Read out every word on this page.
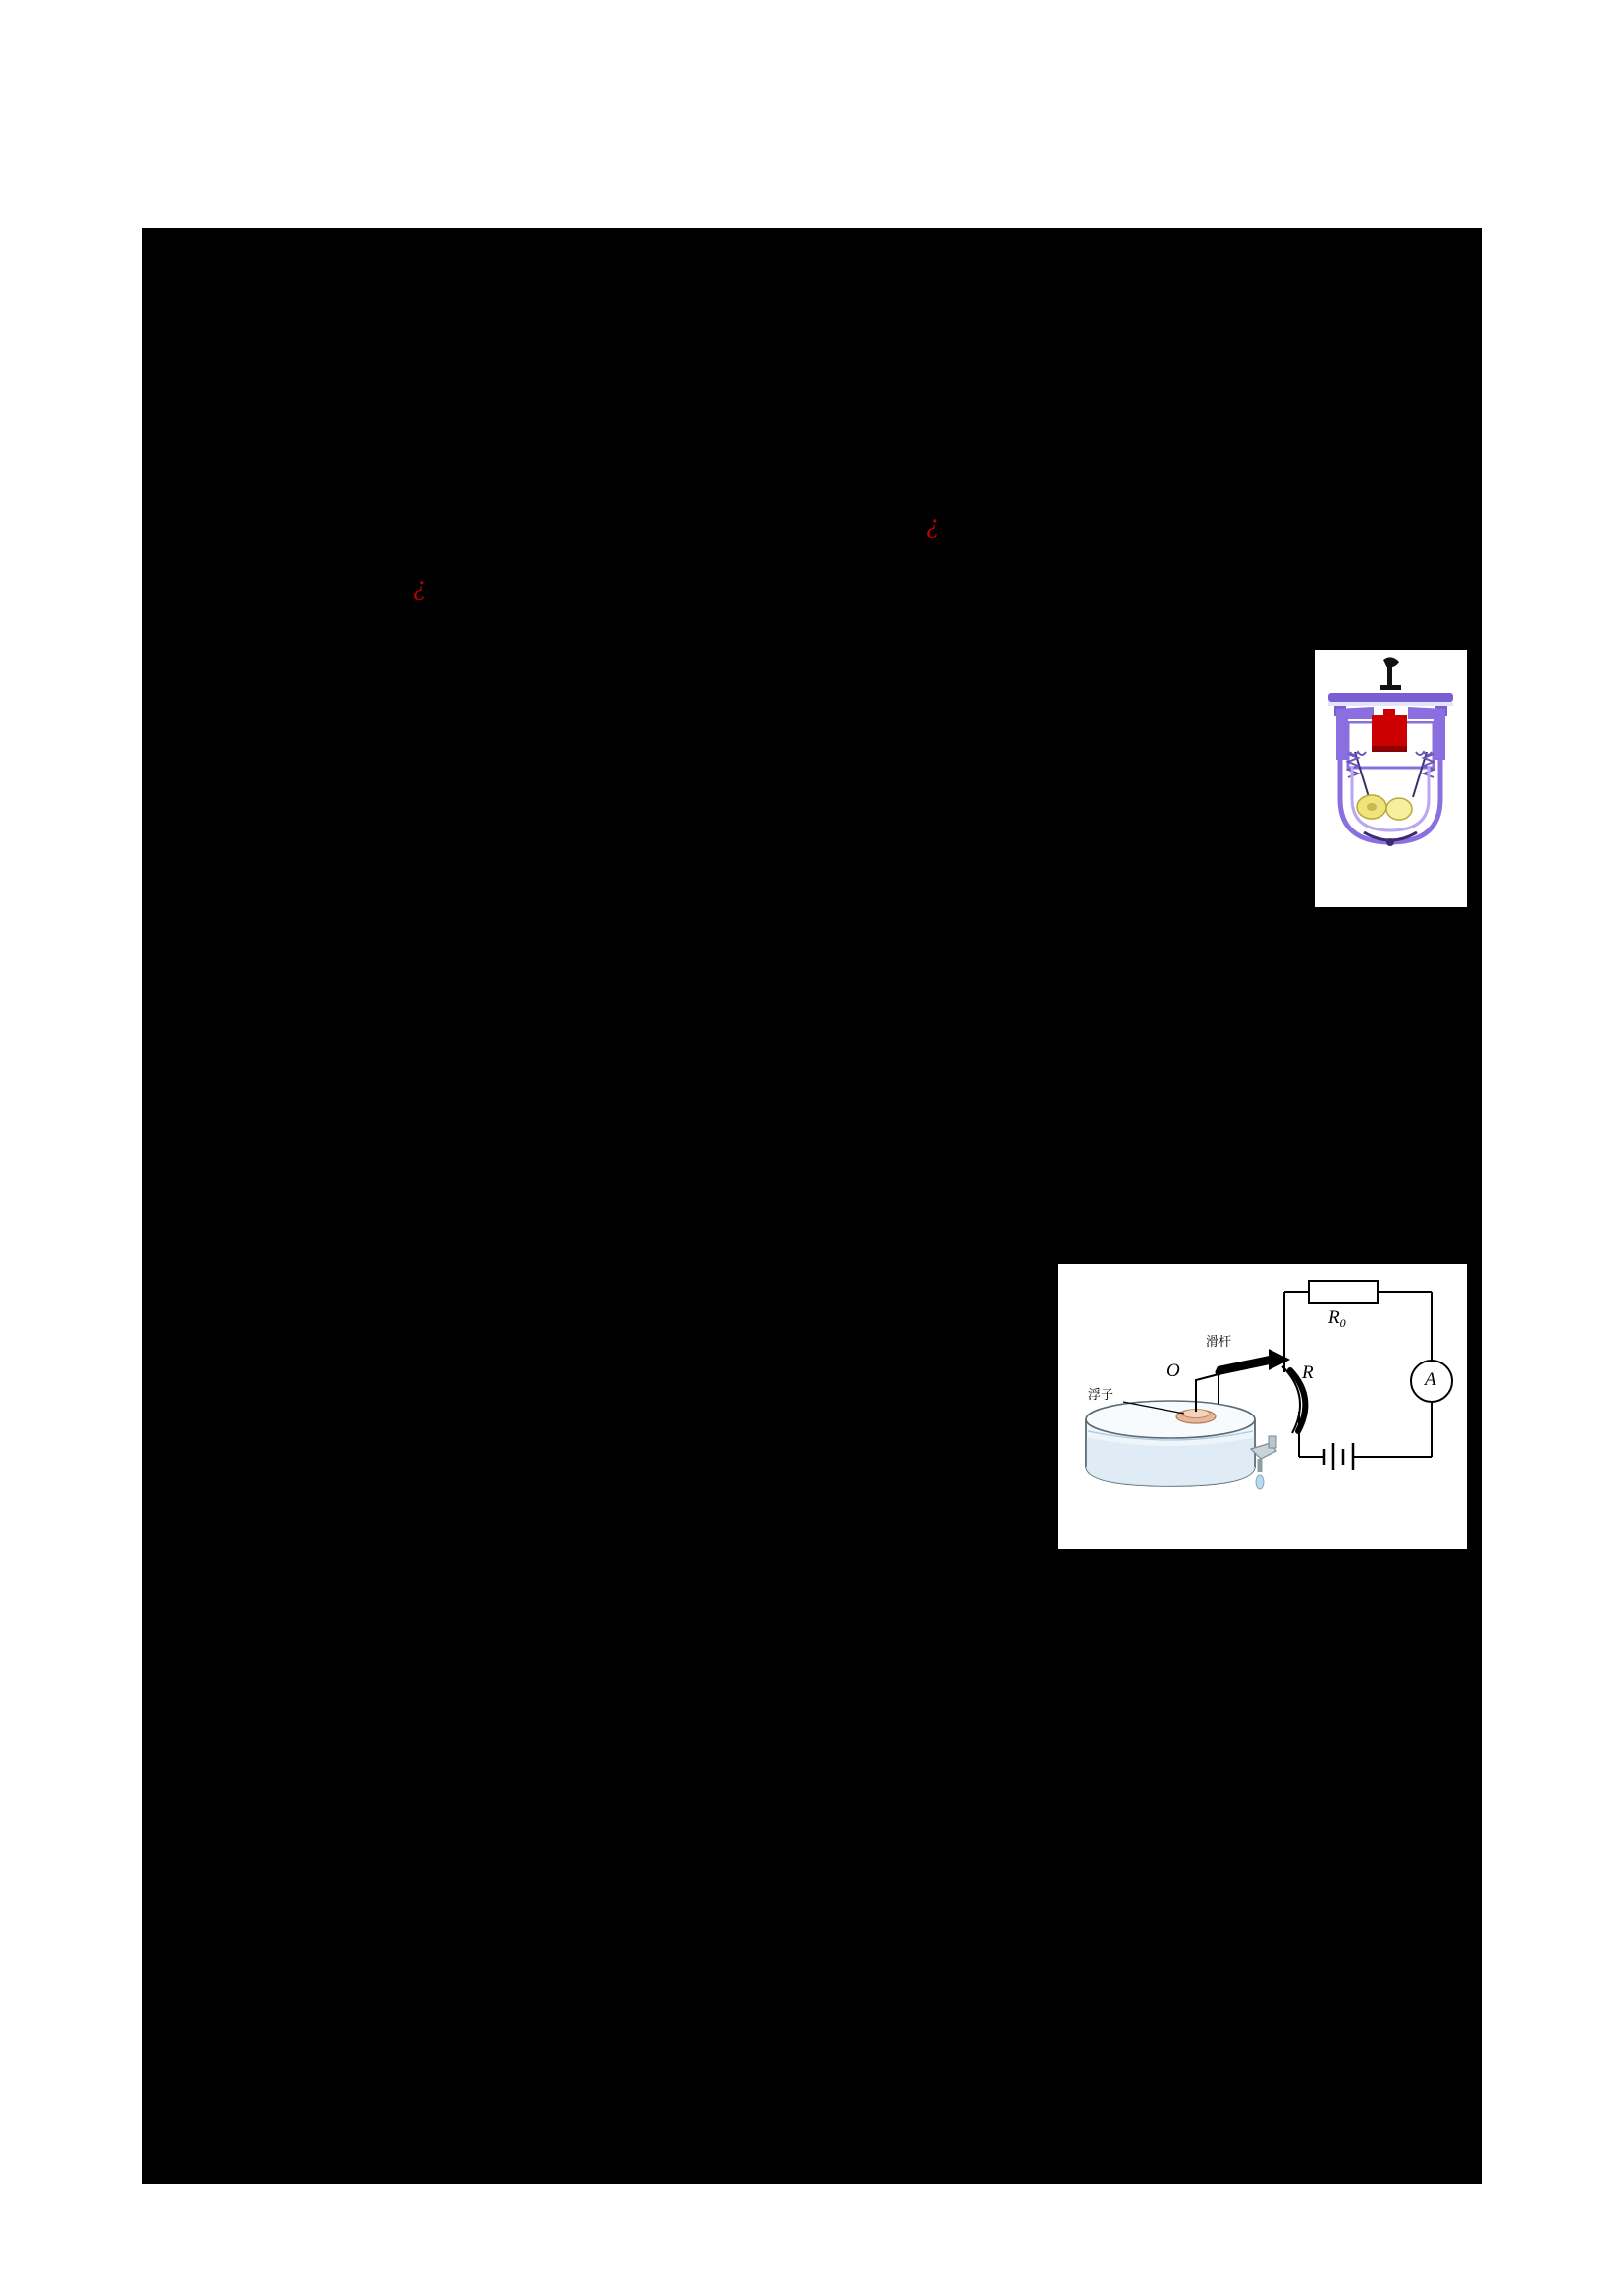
¿
¿
浮子
滑杆
O	R
$R_0$
A
